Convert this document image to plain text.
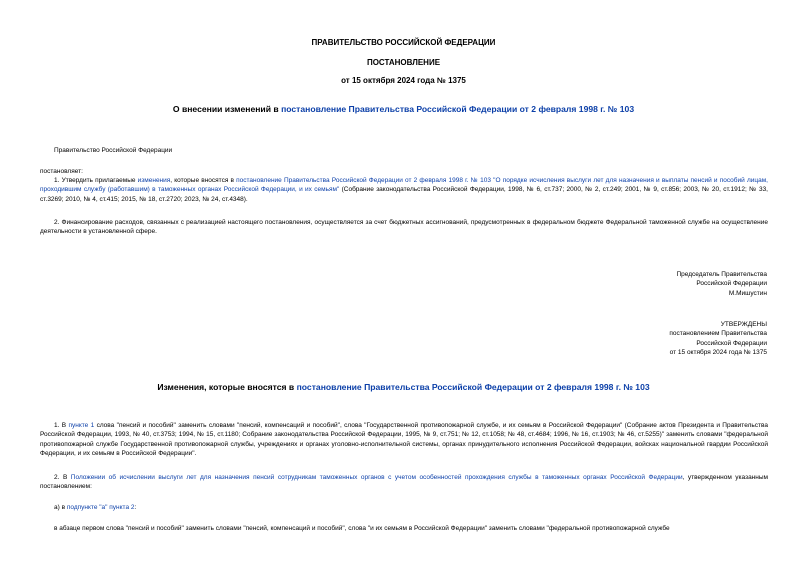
ПРАВИТЕЛЬСТВО РОССИЙСКОЙ ФЕДЕРАЦИИ
ПОСТАНОВЛЕНИЕ
от 15 октября 2024 года № 1375
О внесении изменений в постановление Правительства Российской Федерации от 2 февраля 1998 г. № 103
Правительство Российской Федерации
постановляет:
1. Утвердить прилагаемые изменения, которые вносятся в постановление Правительства Российской Федерации от 2 февраля 1998 г. № 103 "О порядке исчисления выслуги лет для назначения и выплаты пенсий и пособий лицам, проходившим службу (работавшим) в таможенных органах Российской Федерации, и их семьям" (Собрание законодательства Российской Федерации, 1998, № 6, ст.737; 2000, № 2, ст.249; 2001, № 9, ст.856; 2003, № 20, ст.1912; № 33, ст.3269; 2010, № 4, ст.415; 2015, № 18, ст.2720; 2023, № 24, ст.4348).
2. Финансирование расходов, связанных с реализацией настоящего постановления, осуществляется за счет бюджетных ассигнований, предусмотренных в федеральном бюджете Федеральной таможенной службе на осуществление деятельности в установленной сфере.
Председатель Правительства
Российской Федерации
М.Мишустин
УТВЕРЖДЕНЫ
постановлением Правительства
Российской Федерации
от 15 октября 2024 года № 1375
Изменения, которые вносятся в постановление Правительства Российской Федерации от 2 февраля 1998 г. № 103
1. В пункте 1 слова "пенсий и пособий" заменить словами "пенсий, компенсаций и пособий", слова "Государственной противопожарной службе, и их семьям в Российской Федерации" (Собрание актов Президента и Правительства Российской Федерации, 1993, № 40, ст.3753; 1994, № 15, ст.1180; Собрание законодательства Российской Федерации, 1995, № 9, ст.751; № 12, ст.1058; № 48, ст.4684; 1996, № 16, ст.1903; № 46, ст.5255)" заменить словами "федеральной противопожарной службе Государственной противопожарной службы, учреждениях и органах уголовно-исполнительной системы, органах принудительного исполнения Российской Федерации, войсках национальной гвардии Российской Федерации, и их семьям в Российской Федерации".
2. В Положении об исчислении выслуги лет для назначения пенсий сотрудникам таможенных органов с учетом особенностей прохождения службы в таможенных органах Российской Федерации, утвержденном указанным постановлением:
а) в подпункте "а" пункта 2:
в абзаце первом слова "пенсий и пособий" заменить словами "пенсий, компенсаций и пособий", слова "и их семьям в Российской Федерации" заменить словами "федеральной противопожарной службе
